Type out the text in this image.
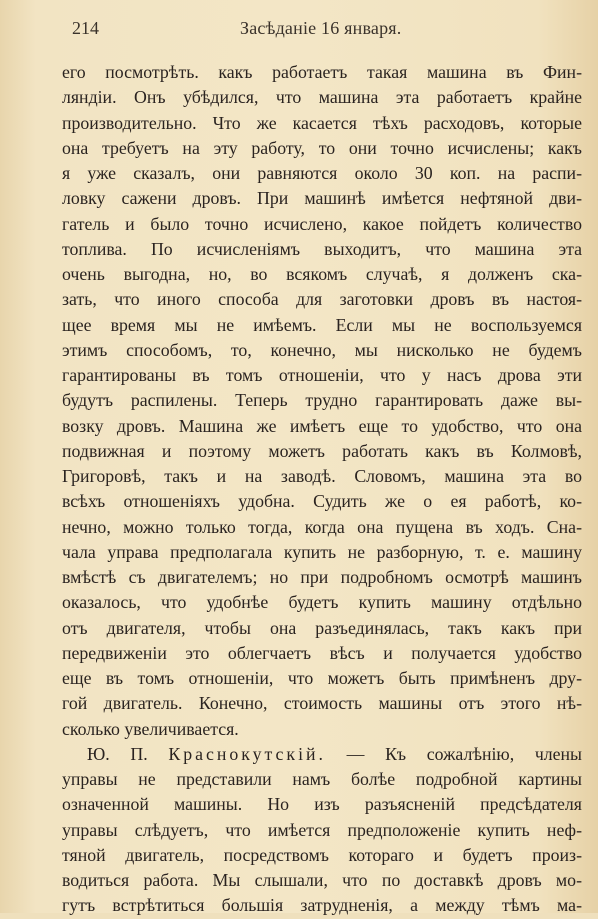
214	Засѣданіе 16 января.
его посмотрѣть. какъ работаетъ такая машина въ Фин-
ляндіи. Онъ убѣдился, что машина эта работаетъ крайне
производительно. Что же касается тѣхъ расходовъ, которые
она требуетъ на эту работу, то они точно исчислены; какъ
я уже сказалъ, они равняются около 30 коп. на распи-
ловку сажени дровъ. При машинѣ имѣется нефтяной дви-
гатель и было точно исчислено, какое пойдетъ количество
топлива. По исчисленіямъ выходитъ, что машина эта
очень выгодна, но, во всякомъ случаѣ, я долженъ ска-
зать, что иного способа для заготовки дровъ въ настоя-
щее время мы не имѣемъ. Если мы не воспользуемся
этимъ способомъ, то, конечно, мы нисколько не будемъ
гарантированы въ томъ отношеніи, что у насъ дрова эти
будутъ распилены. Теперь трудно гарантировать даже вы-
возку дровъ. Машина же имѣетъ еще то удобство, что она
подвижная и поэтому можетъ работать какъ въ Колмовѣ,
Григоровѣ, такъ и на заводѣ. Словомъ, машина эта во
всѣхъ отношеніяхъ удобна. Судить же о ея работѣ, ко-
нечно, можно только тогда, когда она пущена въ ходъ. Сна-
чала управа предполагала купить не разборную, т. е. машину
вмѣстѣ съ двигателемъ; но при подробномъ осмотрѣ машинъ
оказалось, что удобнѣе будетъ купить машину отдѣльно
отъ двигателя, чтобы она разъединялась, такъ какъ при
передвиженіи это облегчаетъ вѣсъ и получается удобство
еще въ томъ отношеніи, что можетъ быть примѣненъ дру-
гой двигатель. Конечно, стоимость машины отъ этого нѣ-
сколько увеличивается.
Ю. П. Краснокутскій. — Къ сожалѣнію, члены
управы не представили намъ болѣе подробной картины
означенной машины. Но изъ разъясненій предсѣдателя
управы слѣдуетъ, что имѣется предположеніе купить неф-
тяной двигатель, посредствомъ котораго и будетъ произ-
водиться работа. Мы слышали, что по доставкѣ дровъ мо-
гутъ встрѣтиться большія затрудненія, а между тѣмъ ма-
